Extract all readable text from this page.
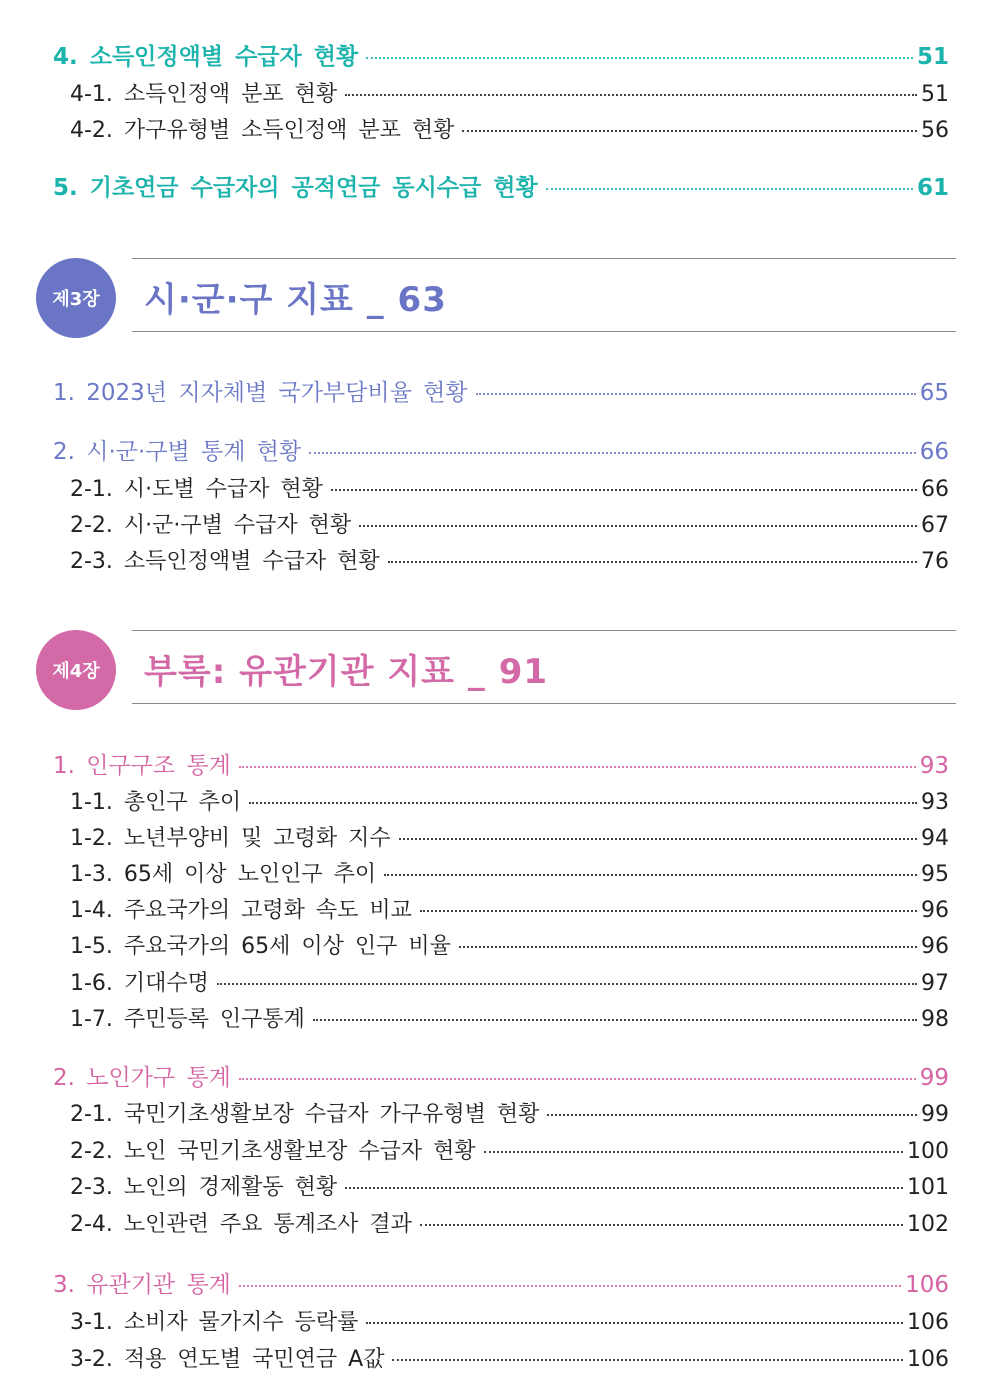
4. 소득인정액별 수급자 현황	51
4-1. 소득인정액 분포 현황	51
4-2. 가구유형별 소득인정액 분포 현황	56
5. 기초연금 수급자의 공적연금 동시수급 현황	61
제3장	시·군·구 지표 _ 63
1. 2023년 지자체별 국가부담비율 현황	65
2. 시·군·구별 통계 현황	66
2-1. 시·도별 수급자 현황	66
2-2. 시·군·구별 수급자 현황	67
2-3. 소득인정액별 수급자 현황	76
제4장	부록: 유관기관 지표 _ 91
1. 인구구조 통계	93
1-1. 총인구 추이	93
1-2. 노년부양비 및 고령화 지수	94
1-3. 65세 이상 노인인구 추이	95
1-4. 주요국가의 고령화 속도 비교	96
1-5. 주요국가의 65세 이상 인구 비율	96
1-6. 기대수명	97
1-7. 주민등록 인구통계	98
2. 노인가구 통계	99
2-1. 국민기초생활보장 수급자 가구유형별 현황	99
2-2. 노인 국민기초생활보장 수급자 현황	100
2-3. 노인의 경제활동 현황	101
2-4. 노인관련 주요 통계조사 결과	102
3. 유관기관 통계	106
3-1. 소비자 물가지수 등락률	106
3-2. 적용 연도별 국민연금 A값	106
